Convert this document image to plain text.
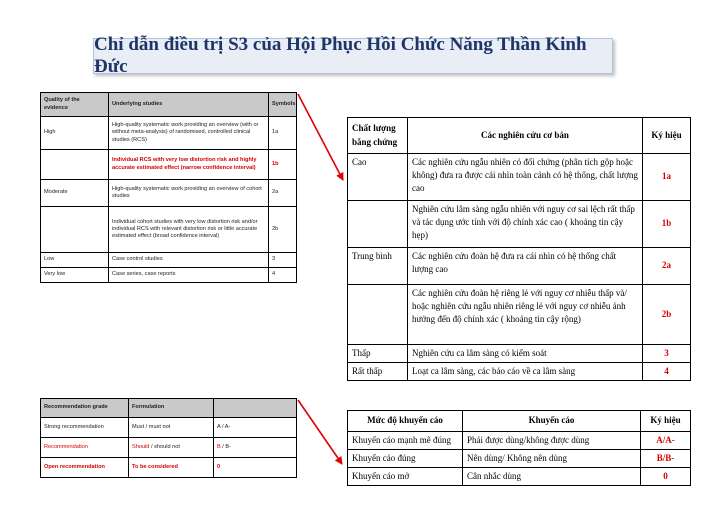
Chỉ dẫn điều trị S3 của Hội Phục Hồi Chức Năng Thần Kinh Đức
Quality of the evidence	Underlying studies	Symbols
High	High-quality systematic work providing an overview (with or without meta-analysis) of randomised, controlled clinical studies (RCS)	1a
	Individual RCS with very low distortion risk and highly accurate estimated effect (narrow confidence interval)	1b
Moderate	High-quality systematic work providing an overview of cohort studies	2a
	Individual cohort studies with very low distortion risk and/or individual RCS with relevant distortion risk or little accurate estimated effect (broad confidence interval)	2b
Low	Case control studies	3
Very low	Case series, case reports	4
Recommendation grade	Formulation	
Strong recommendation	Must / must not	A / A-
Recommendation	Should / should not	B / B-
Open recommendation	To be considered	0
Chất lượng bằng chứng	Các nghiên cứu cơ bản	Ký hiệu
Cao	Các nghiên cứu ngẫu nhiên có đối chứng (phân tích gộp hoặc không) đưa ra được cái nhìn toàn cảnh có hệ thống, chất lượng cao	1a
	Nghiên cứu lâm sàng ngẫu nhiên với nguy cơ sai lệch rất thấp và tác dụng ước tính với độ chính xác cao ( khoảng tin cậy hẹp)	1b
Trung bình	Các nghiên cứu đoàn hệ đưa ra cái nhìn có hệ thống chất lượng cao	2a
	Các nghiên cứu đoàn hệ riêng lẻ với nguy cơ nhiễu thấp và/ hoặc nghiên cứu ngẫu nhiên riêng lẻ với nguy cơ nhiễu ảnh hưởng đến độ chính xác ( khoảng tin cậy rộng)	2b
Thấp	Nghiên cứu ca lâm sàng có kiểm soát	3
Rất thấp	Loạt ca lâm sàng, các báo cáo về ca lâm sàng	4
Mức độ khuyến cáo	Khuyến cáo	Ký hiệu
Khuyến cáo mạnh mẽ đúng	Phải được dùng/không được dùng	A/A-
Khuyến cáo đúng	Nên dùng/ Không nên dùng	B/B-
Khuyến cáo mở	Cân nhắc dùng	0
